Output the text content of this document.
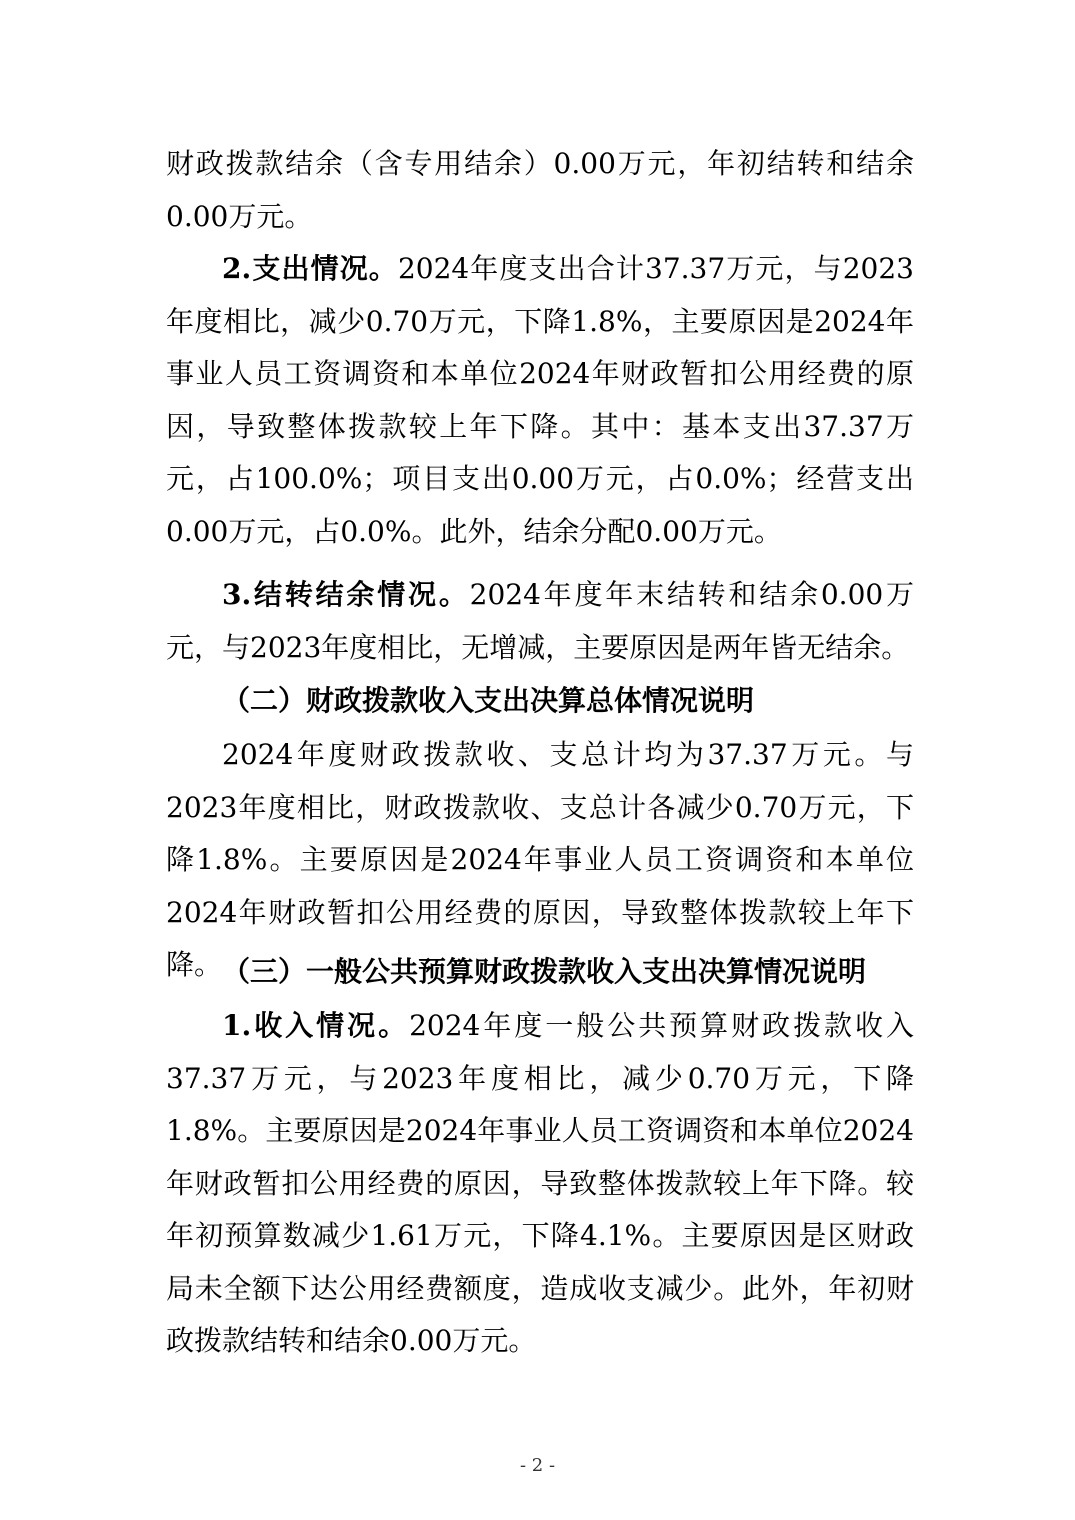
财政拨款结余（含专用结余）0.00万元，年初结转和结余0.00万元。

2.支出情况。2024年度支出合计37.37万元，与2023年度相比，减少0.70万元，下降1.8%，主要原因是2024年事业人员工资调资和本单位2024年财政暂扣公用经费的原因，导致整体拨款较上年下降。其中：基本支出37.37万元，占100.0%；项目支出0.00万元，占0.0%；经营支出0.00万元，占0.0%。此外，结余分配0.00万元。

3.结转结余情况。2024年度年末结转和结余0.00万元，与2023年度相比，无增减，主要原因是两年皆无结余。

（二）财政拨款收入支出决算总体情况说明

2024年度财政拨款收、支总计均为37.37万元。与2023年度相比，财政拨款收、支总计各减少0.70万元，下降1.8%。主要原因是2024年事业人员工资调资和本单位2024年财政暂扣公用经费的原因，导致整体拨款较上年下降。 （三）一般公共预算财政拨款收入支出决算情况说明

1.收入情况。2024年度一般公共预算财政拨款收入37.37万元，与2023年度相比，减少0.70万元，下降1.8%。主要原因是2024年事业人员工资调资和本单位2024年财政暂扣公用经费的原因，导致整体拨款较上年下降。较年初预算数减少1.61万元，下降4.1%。主要原因是区财政局未全额下达公用经费额度，造成收支减少。此外，年初财政拨款结转和结余0.00万元。

- 2 -
